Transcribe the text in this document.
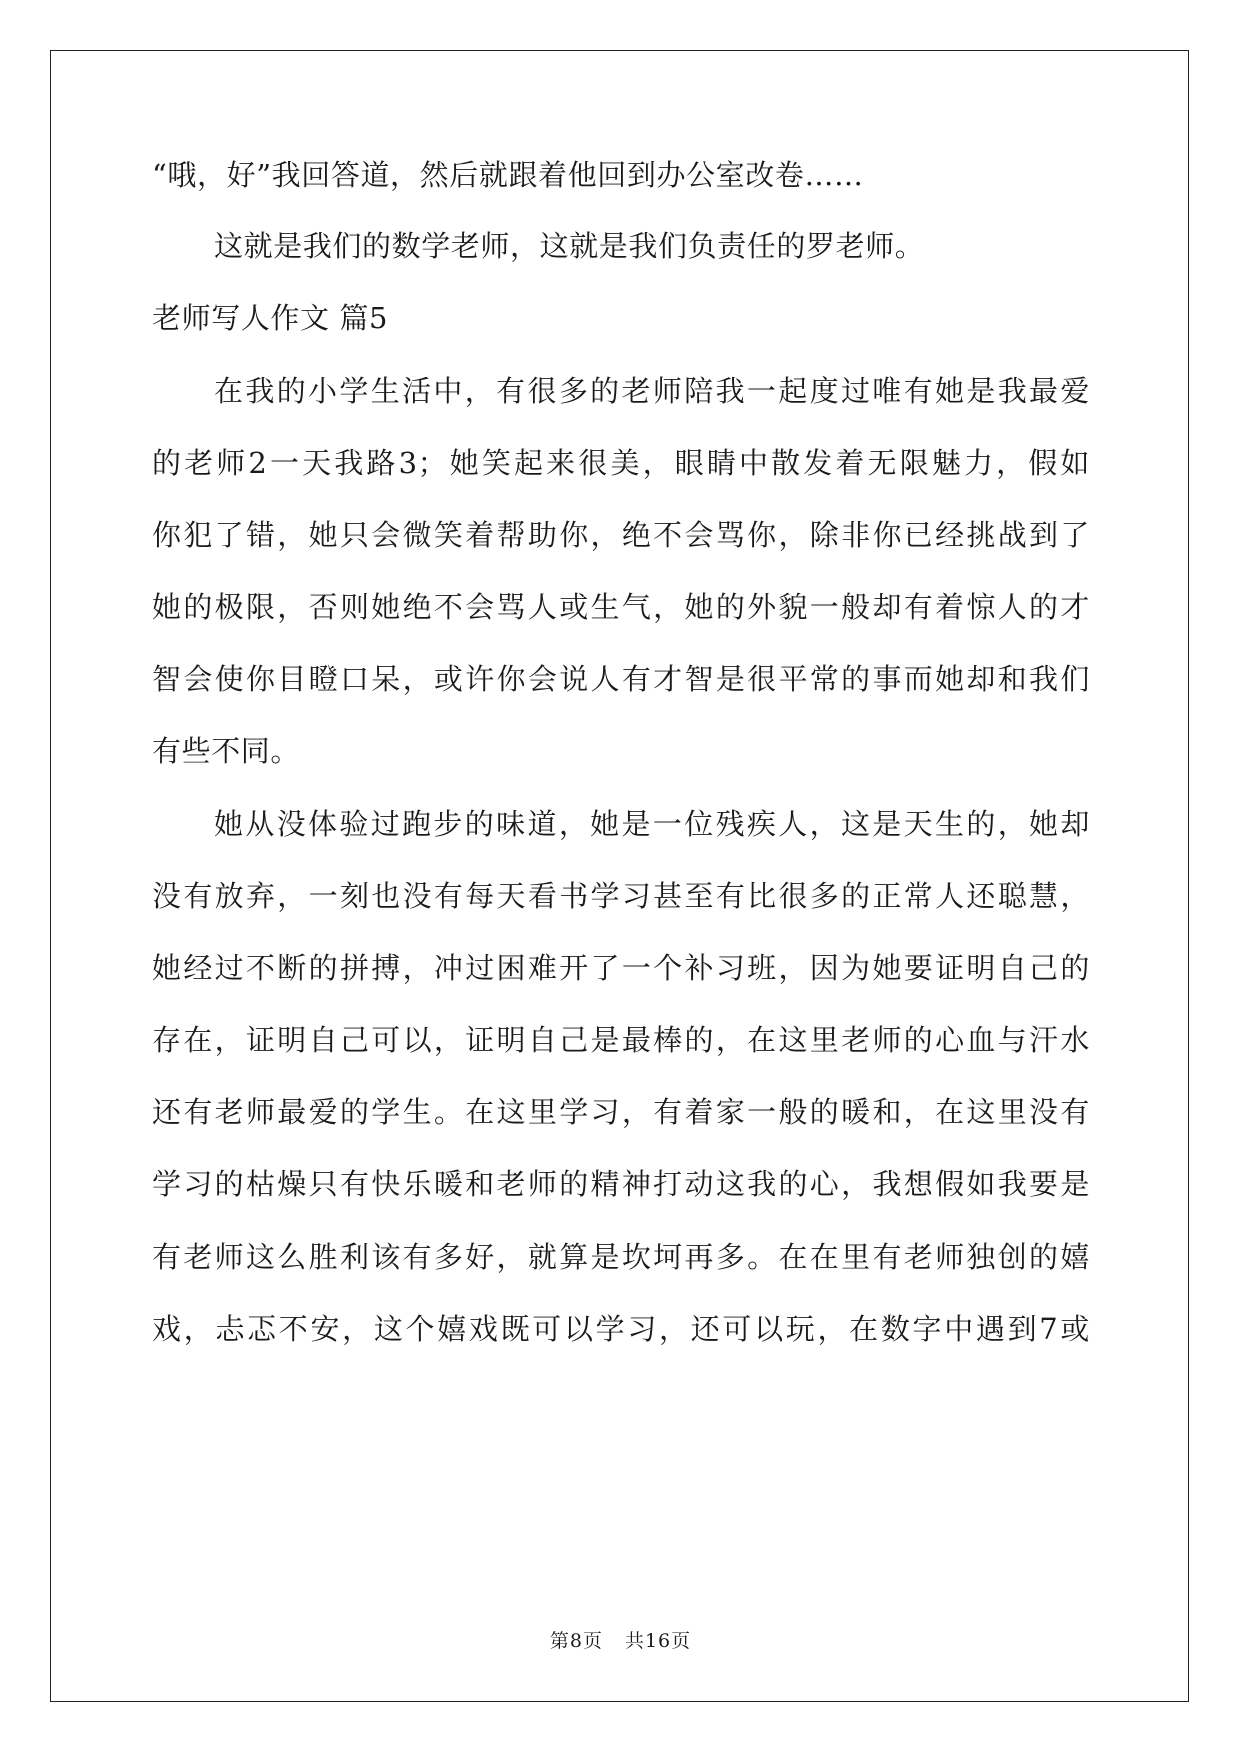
“哦，好”我回答道，然后就跟着他回到办公室改卷……
这就是我们的数学老师，这就是我们负责任的罗老师。
老师写人作文 篇5
在我的小学生活中，有很多的老师陪我一起度过唯有她是我最爱
的老师2一天我路3；她笑起来很美，眼睛中散发着无限魅力，假如
你犯了错，她只会微笑着帮助你，绝不会骂你，除非你已经挑战到了
她的极限，否则她绝不会骂人或生气，她的外貌一般却有着惊人的才
智会使你目瞪口呆，或许你会说人有才智是很平常的事而她却和我们
有些不同。
她从没体验过跑步的味道，她是一位残疾人，这是天生的，她却
没有放弃，一刻也没有每天看书学习甚至有比很多的正常人还聪慧，
她经过不断的拼搏，冲过困难开了一个补习班，因为她要证明自己的
存在，证明自己可以，证明自己是最棒的，在这里老师的心血与汗水
还有老师最爱的学生。在这里学习，有着家一般的暖和，在这里没有
学习的枯燥只有快乐暖和老师的精神打动这我的心，我想假如我要是
有老师这么胜利该有多好，就算是坎坷再多。在在里有老师独创的嬉
戏，忐忑不安，这个嬉戏既可以学习，还可以玩，在数字中遇到7或
第8页 共16页
